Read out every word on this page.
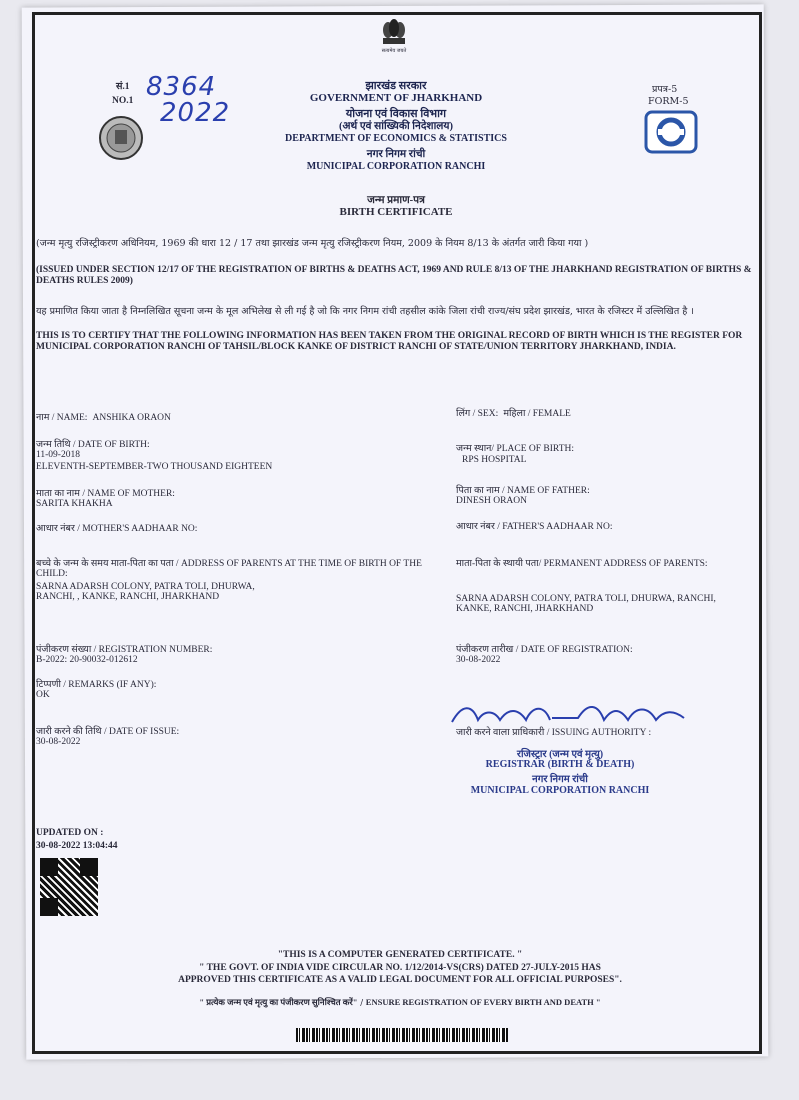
सत्यमेव जयते
सं.1
NO.1 8364
2022
झारखंड सरकार
GOVERNMENT OF JHARKHAND
योजना एवं विकास विभाग
(अर्थ एवं सांख्यिकी निदेशालय)
DEPARTMENT OF ECONOMICS & STATISTICS
नगर निगम रांची
MUNICIPAL CORPORATION RANCHI
प्रपत्र-5
FORM-5
जन्म प्रमाण-पत्र
BIRTH CERTIFICATE
(जन्म मृत्यु रजिस्ट्रीकरण अधिनियम, 1969 की धारा 12 / 17 तथा झारखंड जन्म मृत्यु रजिस्ट्रीकरण नियम, 2009 के नियम 8/13 के अंतर्गत जारी किया गया )
(ISSUED UNDER SECTION 12/17 OF THE REGISTRATION OF BIRTHS & DEATHS ACT, 1969 AND RULE 8/13 OF THE JHARKHAND REGISTRATION OF BIRTHS & DEATHS RULES 2009)
यह प्रमाणित किया जाता है निम्नलिखित सूचना जन्म के मूल अभिलेख से ली गई है जो कि नगर निगम रांची तहसील कांके जिला रांची राज्य/संघ प्रदेश झारखंड, भारत के रजिस्टर में उल्लिखित है ।
THIS IS TO CERTIFY THAT THE FOLLOWING INFORMATION HAS BEEN TAKEN FROM THE ORIGINAL RECORD OF BIRTH WHICH IS THE REGISTER FOR MUNICIPAL CORPORATION RANCHI OF TAHSIL/BLOCK KANKE OF DISTRICT RANCHI OF STATE/UNION TERRITORY JHARKHAND, INDIA.
नाम / NAME: ANSHIKA ORAON	लिंग / SEX: महिला / FEMALE
जन्म तिथि / DATE OF BIRTH:
11-09-2018
ELEVENTH-SEPTEMBER-TWO THOUSAND EIGHTEEN
जन्म स्थान/ PLACE OF BIRTH:
RPS HOSPITAL
माता का नाम / NAME OF MOTHER:
SARITA KHAKHA
पिता का नाम / NAME OF FATHER:
DINESH ORAON
आधार नंबर / MOTHER'S AADHAAR NO:	आधार नंबर / FATHER'S AADHAAR NO:
बच्चे के जन्म के समय माता-पिता का पता / ADDRESS OF PARENTS AT THE TIME OF BIRTH OF THE CHILD:
SARNA ADARSH COLONY, PATRA TOLI, DHURWA, RANCHI, , KANKE, RANCHI, JHARKHAND
माता-पिता के स्थायी पता/ PERMANENT ADDRESS OF PARENTS:
SARNA ADARSH COLONY, PATRA TOLI, DHURWA, RANCHI, KANKE, RANCHI, JHARKHAND
पंजीकरण संख्या / REGISTRATION NUMBER:
B-2022: 20-90032-012612
पंजीकरण तारीख / DATE OF REGISTRATION:
30-08-2022
टिप्पणी / REMARKS (IF ANY):
OK
जारी करने की तिथि / DATE OF ISSUE:
30-08-2022
जारी करने वाला प्राधिकारी / ISSUING AUTHORITY :
रजिस्ट्रार (जन्म एवं मृत्यु)
REGISTRAR (BIRTH & DEATH)
नगर निगम रांची
MUNICIPAL CORPORATION RANCHI
UPDATED ON :
30-08-2022 13:04:44
"THIS IS A COMPUTER GENERATED CERTIFICATE. "
" THE GOVT. OF INDIA VIDE CIRCULAR NO. 1/12/2014-VS(CRS) DATED 27-JULY-2015 HAS
APPROVED THIS CERTIFICATE AS A VALID LEGAL DOCUMENT FOR ALL OFFICIAL PURPOSES".
" प्रत्येक जन्म एवं मृत्यु का पंजीकरण सुनिश्चित करें" / ENSURE REGISTRATION OF EVERY BIRTH AND DEATH "
